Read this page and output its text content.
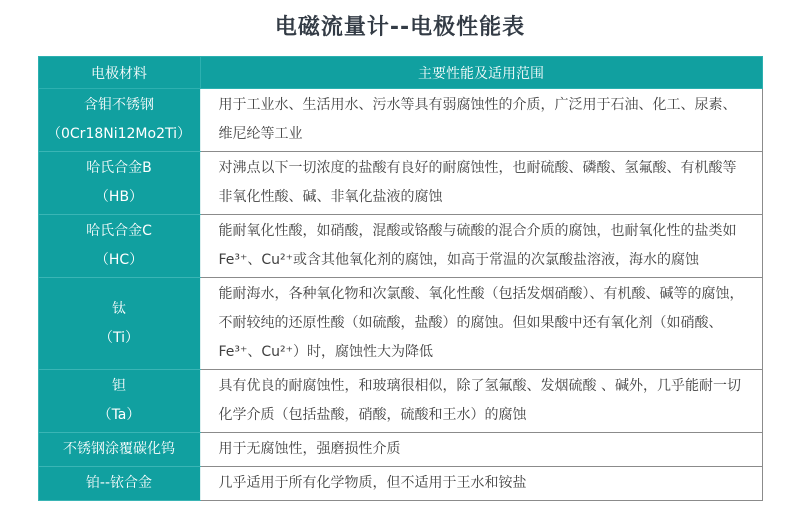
电磁流量计--电极性能表
电极材料	主要性能及适用范围

含钼不锈钢
（0Cr18Ni12Mo2Ti）	用于工业水、生活用水、污水等具有弱腐蚀性的介质，广泛用于石油、化工、尿素、维尼纶等工业

哈氏合金B
（HB）	对沸点以下一切浓度的盐酸有良好的耐腐蚀性，也耐硫酸、磷酸、氢氟酸、有机酸等非氧化性酸、碱、非氧化盐液的腐蚀

哈氏合金C
（HC）	能耐氧化性酸，如硝酸，混酸或铬酸与硫酸的混合介质的腐蚀，也耐氧化性的盐类如Fe³⁺、Cu²⁺或含其他氧化剂的腐蚀，如高于常温的次氯酸盐溶液，海水的腐蚀

钛
（Ti）	能耐海水，各种氧化物和次氯酸、氧化性酸（包括发烟硝酸）、有机酸、碱等的腐蚀，不耐较纯的还原性酸（如硫酸，盐酸）的腐蚀。但如果酸中还有氧化剂（如硝酸、Fe³⁺、Cu²⁺）时，腐蚀性大为降低

钽
（Ta）	具有优良的耐腐蚀性，和玻璃很相似，除了氢氟酸、发烟硫酸 、碱外，几乎能耐一切化学介质（包括盐酸，硝酸，硫酸和王水）的腐蚀

不锈钢涂覆碳化钨	用于无腐蚀性，强磨损性介质

铂--铱合金	几乎适用于所有化学物质，但不适用于王水和铵盐
